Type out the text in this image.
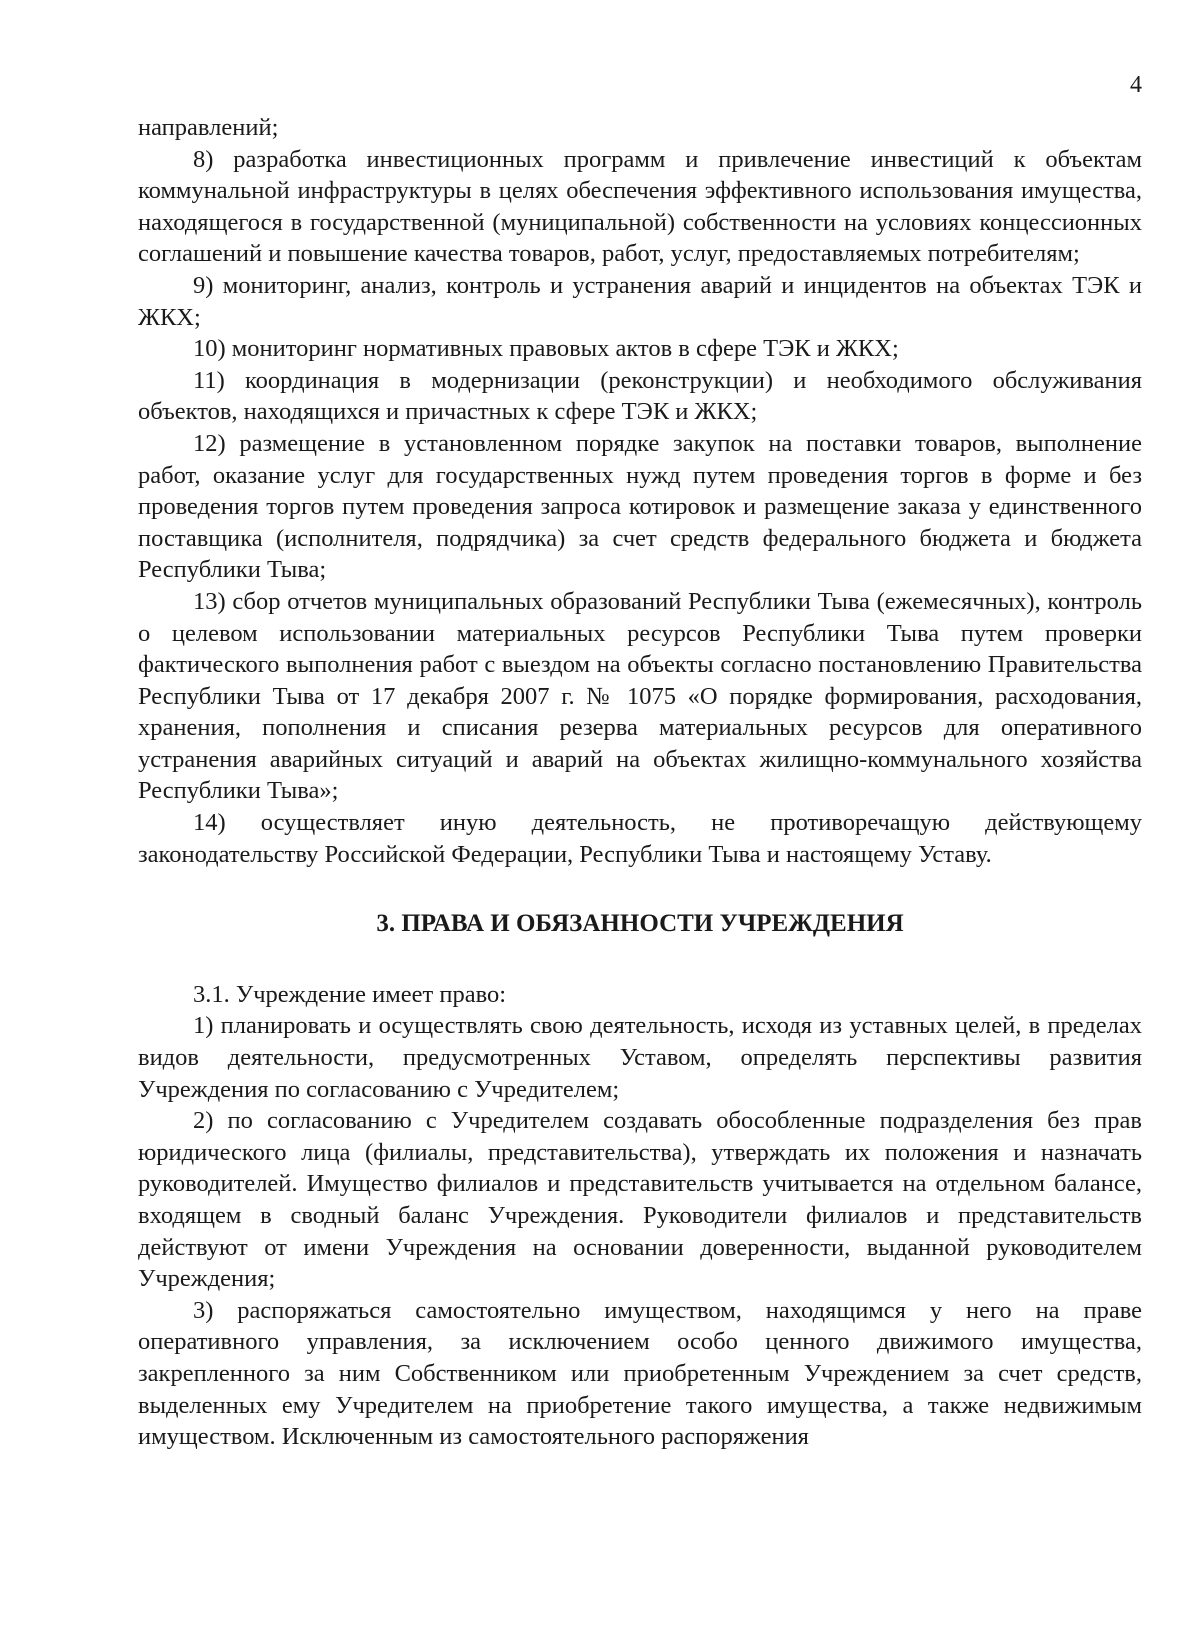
4

направлений;

8) разработка инвестиционных программ и привлечение инвестиций к объектам коммунальной инфраструктуры в целях обеспечения эффективного использования имущества, находящегося в государственной (муниципальной) собственности на условиях концессионных соглашений и повышение качества товаров, работ, услуг, предоставляемых потребителям;

9) мониторинг, анализ, контроль и устранения аварий и инцидентов на объектах ТЭК и ЖКХ;

10) мониторинг нормативных правовых актов в сфере ТЭК и ЖКХ;

11) координация в модернизации (реконструкции) и необходимого обслуживания объектов, находящихся и причастных к сфере ТЭК и ЖКХ;

12) размещение в установленном порядке закупок на поставки товаров, выполнение работ, оказание услуг для государственных нужд путем проведения торгов в форме и без проведения торгов путем проведения запроса котировок и размещение заказа у единственного поставщика (исполнителя, подрядчика) за счет средств федерального бюджета и бюджета Республики Тыва;

13) сбор отчетов муниципальных образований Республики Тыва (ежемесячных), контроль о целевом использовании материальных ресурсов Республики Тыва путем проверки фактического выполнения работ с выездом на объекты согласно постановлению Правительства Республики Тыва от 17 декабря 2007 г. № 1075 «О порядке формирования, расходования, хранения, пополнения и списания резерва материальных ресурсов для оперативного устранения аварийных ситуаций и аварий на объектах жилищно-коммунального хозяйства Республики Тыва»;

14) осуществляет иную деятельность, не противоречащую действующему законодательству Российской Федерации, Республики Тыва и настоящему Уставу.

3. ПРАВА И ОБЯЗАННОСТИ УЧРЕЖДЕНИЯ

3.1. Учреждение имеет право:

1) планировать и осуществлять свою деятельность, исходя из уставных целей, в пределах видов деятельности, предусмотренных Уставом, определять перспективы развития Учреждения по согласованию с Учредителем;

2) по согласованию с Учредителем создавать обособленные подразделения без прав юридического лица (филиалы, представительства), утверждать их положения и назначать руководителей. Имущество филиалов и представительств учитывается на отдельном балансе, входящем в сводный баланс Учреждения. Руководители филиалов и представительств действуют от имени Учреждения на основании доверенности, выданной руководителем Учреждения;

3) распоряжаться самостоятельно имуществом, находящимся у него на праве оперативного управления, за исключением особо ценного движимого имущества, закрепленного за ним Собственником или приобретенным Учреждением за счет средств, выделенных ему Учредителем на приобретение такого имущества, а также недвижимым имуществом. Исключенным из самостоятельного распоряжения
